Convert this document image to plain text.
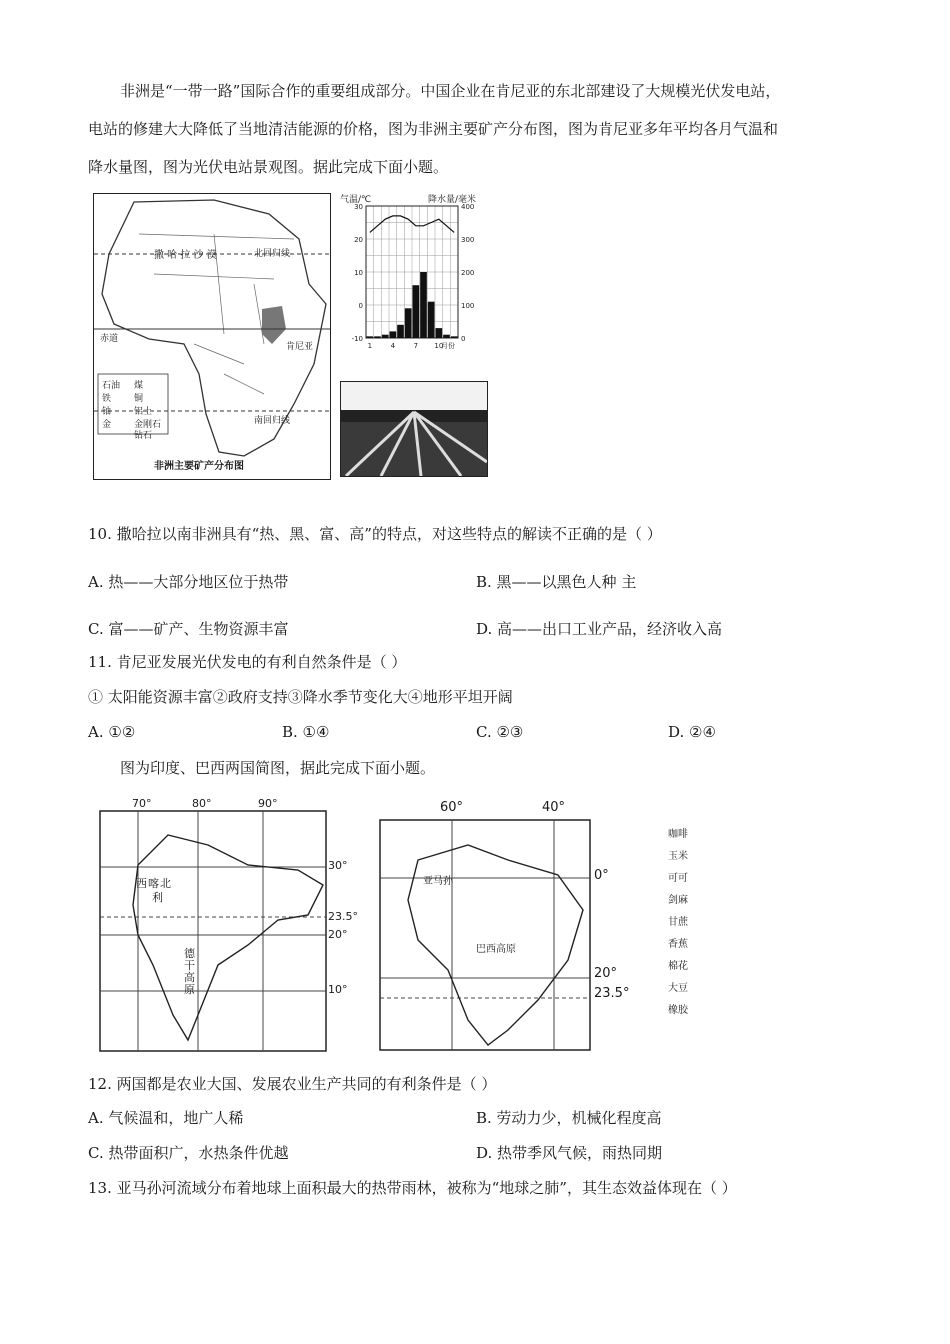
非洲是“一带一路”国际合作的重要组成部分。中国企业在肯尼亚的东北部建设了大规模光伏发电站，
电站的修建大大降低了当地清洁能源的价格，图为非洲主要矿产分布图，图为肯尼亚多年平均各月气温和
降水量图，图为光伏电站景观图。据此完成下面小题。
北回归线
撒 哈 拉 沙 漠
赤道
肯尼亚
南回归线
石油 煤
铁	铜
铀	铝土
金	金刚石
钻石
非洲主要矿产分布图
气温/℃	降水量/毫米
30
20
10
0
-10
400
300
200
100
0
1	4	7 10
月份
10. 撒哈拉以南非洲具有“热、黑、富、高”的特点，对这些特点的解读不正确的是（ ）
A. 热——大部分地区位于热带	B. 黑——以黑色人种 主
C. 富——矿产、生物资源丰富	D. 高——出口工业产品，经济收入高
11. 肯尼亚发展光伏发电的有利自然条件是（ ）
① 太阳能资源丰富②政府支持③降水季节变化大④地形平坦开阔
A. ①②	B. ①④	C. ②③	D. ②④
图为印度、巴西两国简图，据此完成下面小题。
70°	80°	90°
30°
23.5°
20°
10°
西 喀 北
利
德
干
高
原
60°	40°
0°
20°
23.5°
亚马孙
巴西高原
咖啡
玉米
可可
剑麻
甘蔗
香蕉
棉花
大豆
橡胶
12. 两国都是农业大国、发展农业生产共同的有利条件是（ ）
A. 气候温和，地广人稀	B. 劳动力少，机械化程度高
C. 热带面积广，水热条件优越	D. 热带季风气候，雨热同期
13. 亚马孙河流域分布着地球上面积最大的热带雨林，被称为“地球之肺”，其生态效益体现在（ ）
